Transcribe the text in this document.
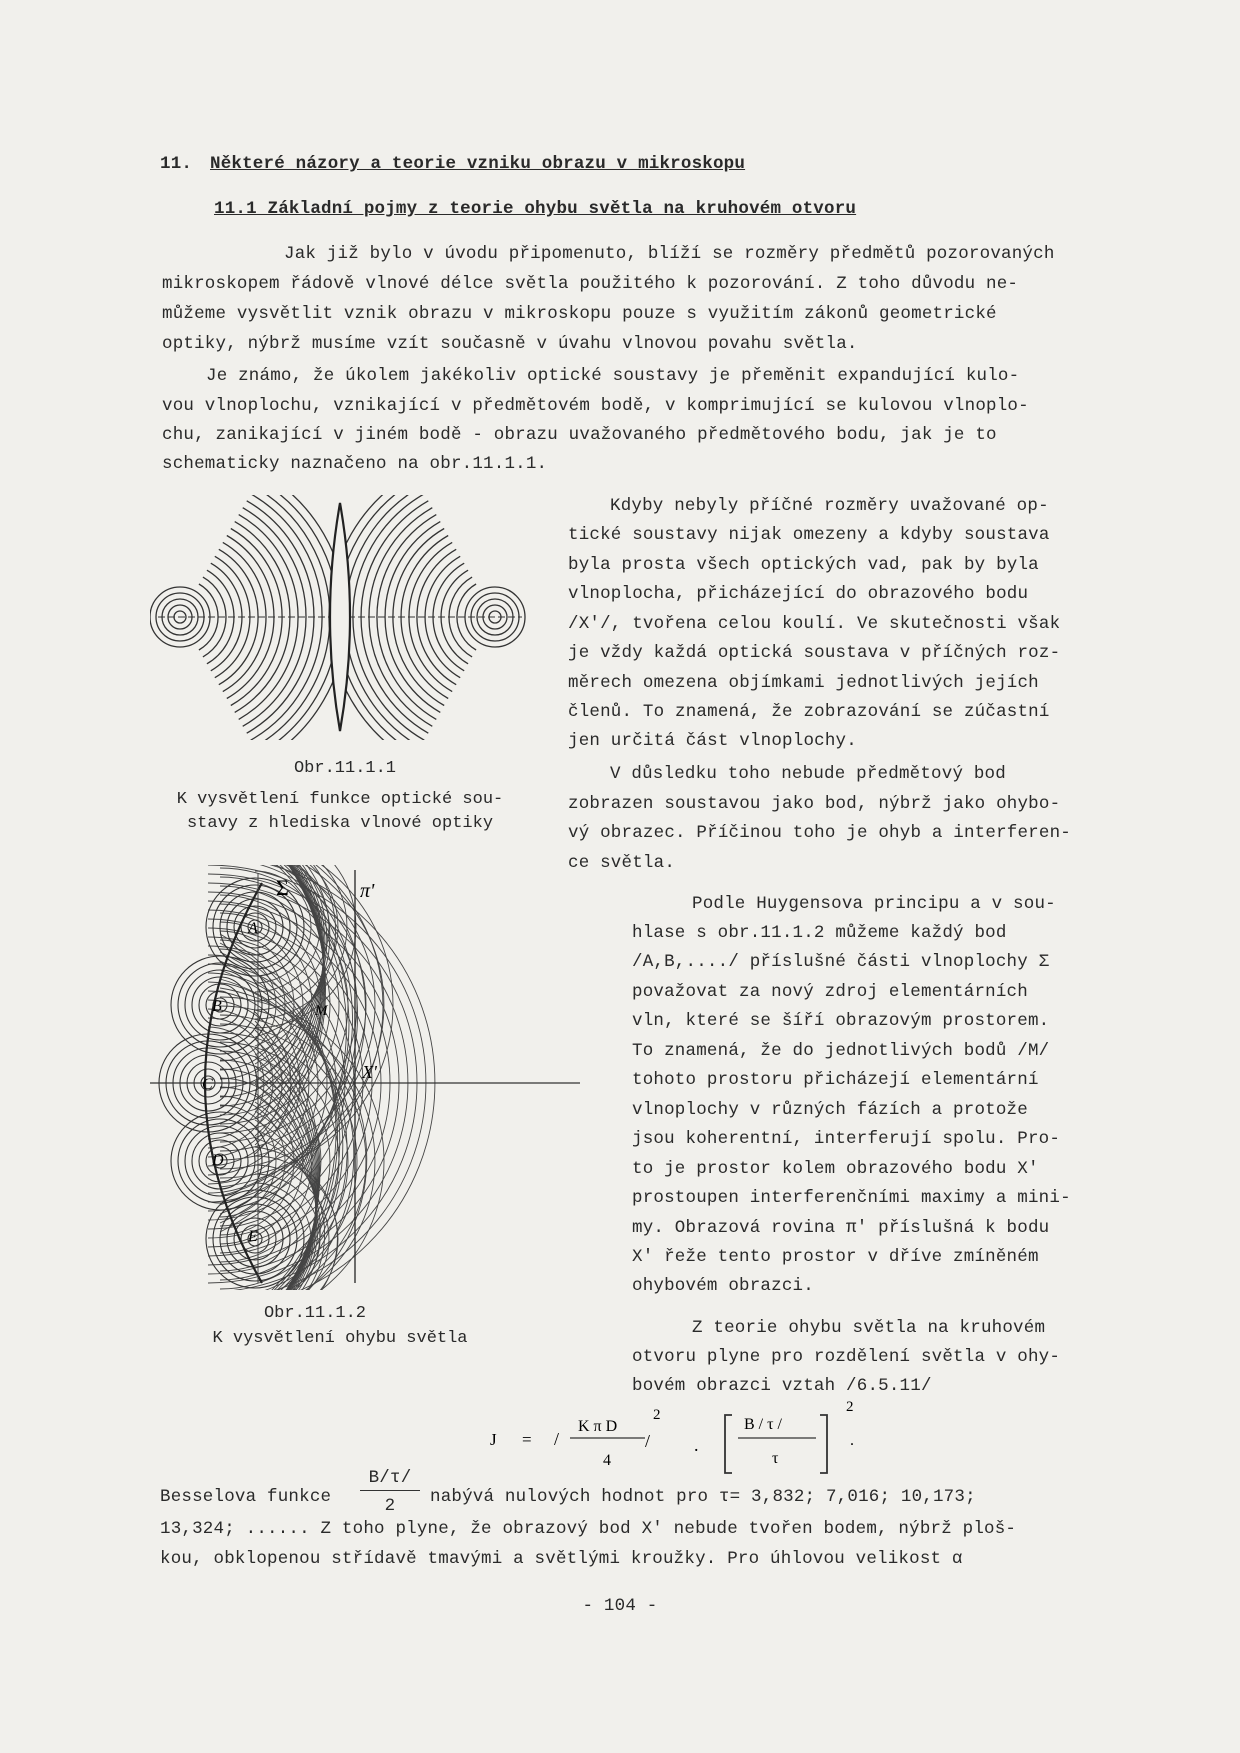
11. Některé názory a teorie vzniku obrazu v mikroskopu
11.1 Základní pojmy z teorie ohybu světla na kruhovém otvoru
Jak již bylo v úvodu připomenuto, blíží se rozměry předmětů pozorovaných
mikroskopem řádově vlnové délce světla použitého k pozorování. Z toho důvodu ne-
můžeme vysvětlit vznik obrazu v mikroskopu pouze s využitím zákonů geometrické
optiky, nýbrž musíme vzít současně v úvahu vlnovou povahu světla.
Je známo, že úkolem jakékoliv optické soustavy je přeměnit expandující kulo-
vou vlnoplochu, vznikající v předmětovém bodě, v komprimující se kulovou vlnoplo-
chu, zanikající v jiném bodě - obrazu uvažovaného předmětového bodu, jak je to
schematicky naznačeno na obr.11.1.1.
Kdyby nebyly příčné rozměry uvažované op-
tické soustavy nijak omezeny a kdyby soustava
byla prosta všech optických vad, pak by byla
vlnoplocha, přicházející do obrazového bodu
/X'/, tvořena celou koulí. Ve skutečnosti však
je vždy každá optická soustava v příčných roz-
měrech omezena objímkami jednotlivých jejích
členů. To znamená, že zobrazování se zúčastní
jen určitá část vlnoplochy.
V důsledku toho nebude předmětový bod
zobrazen soustavou jako bod, nýbrž jako ohybo-
vý obrazec. Příčinou toho je ohyb a interferen-
ce světla.
Podle Huygensova principu a v sou-
hlase s obr.11.1.2 můžeme každý bod
/A,B,..../ příslušné části vlnoplochy Σ
považovat za nový zdroj elementárních
vln, které se šíří obrazovým prostorem.
To znamená, že do jednotlivých bodů /M/
tohoto prostoru přicházejí elementární
vlnoplochy v různých fázích a protože
jsou koherentní, interferují spolu. Pro-
to je prostor kolem obrazového bodu X'
prostoupen interferenčními maximy a mini-
my. Obrazová rovina π' příslušná k bodu
X' řeže tento prostor v dříve zmíněném
ohybovém obrazci.
Z teorie ohybu světla na kruhovém
otvoru plyne pro rozdělení světla v ohy-
bovém obrazci vztah /6.5.11/
Obr.11.1.1
K vysvětlení funkce optické sou-
stavy z hlediska vlnové optiky
Σ	π'
A
B
C
D
E
M
X'
Obr.11.1.2
K vysvětlení ohybu světla
J = /
K π D
4
/
2
.
B / τ /
τ
2
.
Besselova funkce
B/τ/
2	nabývá nulových hodnot pro τ= 3,832; 7,016; 10,173;
13,324; ...... Z toho plyne, že obrazový bod X' nebude tvořen bodem, nýbrž ploš-
kou, obklopenou střídavě tmavými a světlými kroužky. Pro úhlovou velikost α
- 104 -
